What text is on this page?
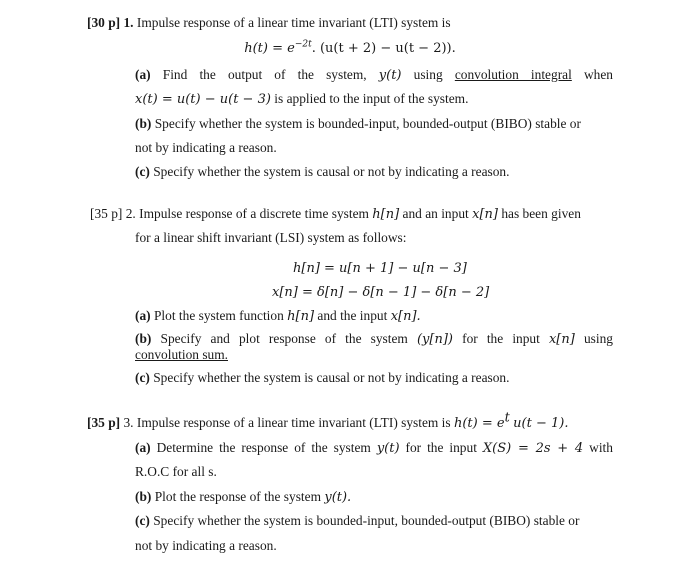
[30 p] 1. Impulse response of a linear time invariant (LTI) system is
$h(t) = e^{-2t}$. (u(t + 2) − u(t − 2)).
(a) Find the output of the system, y(t) using convolution integral when
x(t) = u(t) − u(t − 3) is applied to the input of the system.
(b) Specify whether the system is bounded-input, bounded-output (BIBO) stable or
not by indicating a reason.
(c) Specify whether the system is causal or not by indicating a reason.
[35 p] 2. Impulse response of a discrete time system h[n] and an input x[n] has been given
for a linear shift invariant (LSI) system as follows:
h[n] = u[n + 1] − u[n − 3]
x[n] = δ[n] − δ[n − 1] − δ[n − 2]
(a) Plot the system function h[n] and the input x[n].
(b) Specify and plot response of the system (y[n]) for the input x[n] using
convolution sum.
(c) Specify whether the system is causal or not by indicating a reason.
[35 p] 3. Impulse response of a linear time invariant (LTI) system is $h(t) = e^t$ u(t − 1).
(a) Determine the response of the system y(t) for the input X(S) = 2s + 4 with
R.O.C for all s.
(b) Plot the response of the system y(t).
(c) Specify whether the system is bounded-input, bounded-output (BIBO) stable or
not by indicating a reason.
